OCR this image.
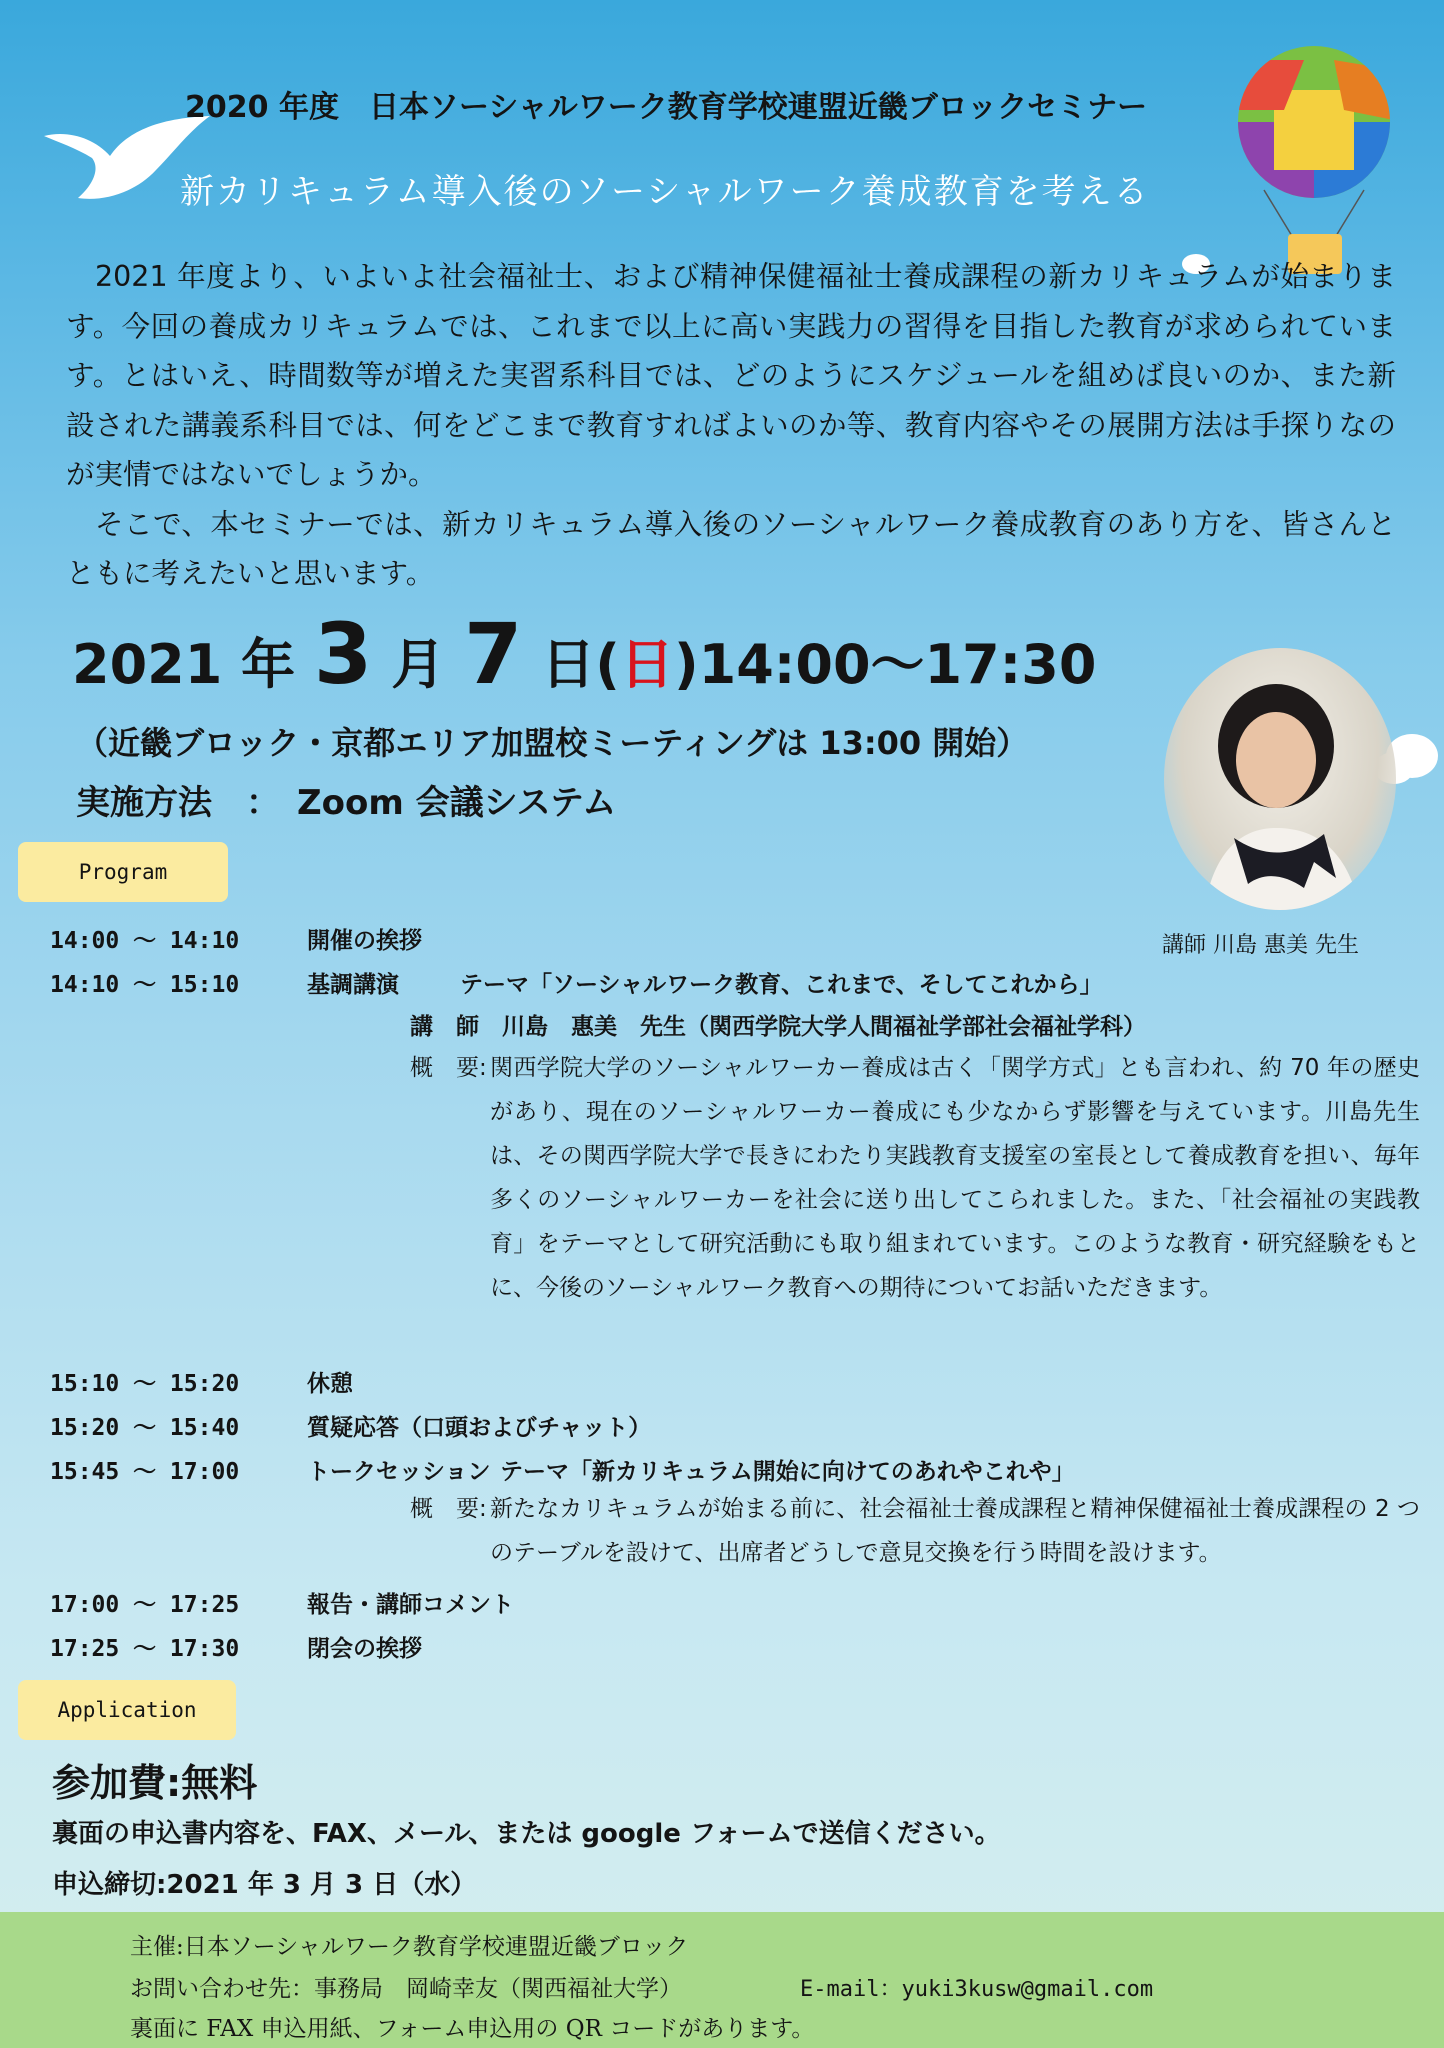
2020 年度　日本ソーシャルワーク教育学校連盟近畿ブロックセミナー
新カリキュラム導入後のソーシャルワーク養成教育を考える

　2021 年度より、いよいよ社会福祉士、および精神保健福祉士養成課程の新カリキュラムが始まります。今回の養成カリキュラムでは、これまで以上に高い実践力の習得を目指した教育が求められています。とはいえ、時間数等が増えた実習系科目では、どのようにスケジュールを組めば良いのか、また新設された講義系科目では、何をどこまで教育すればよいのか等、教育内容やその展開方法は手探りなのが実情ではないでしょうか。

　そこで、本セミナーでは、新カリキュラム導入後のソーシャルワーク養成教育のあり方を、皆さんとともに考えたいと思います。

2021 年 3 月 7 日(日)14:00～17:30
（近畿ブロック・京都エリア加盟校ミーティングは 13:00 開始）
実施方法　：　Zoom 会議システム
講師 川島 惠美 先生
Program
14:00 ～ 14:10	開催の挨拶
14:10 ～ 15:10	基調講演	テーマ「ソーシャルワーク教育、これまで、そしてこれから」
講　師　川島　惠美　先生（関西学院大学人間福祉学部社会福祉学科）
概　要: 関西学院大学のソーシャルワーカー養成は古く「関学方式」とも言われ、約 70 年の歴史があり、現在のソーシャルワーカー養成にも少なからず影響を与えています。川島先生は、その関西学院大学で長きにわたり実践教育支援室の室長として養成教育を担い、毎年多くのソーシャルワーカーを社会に送り出してこられました。また、「社会福祉の実践教育」をテーマとして研究活動にも取り組まれています。このような教育・研究経験をもとに、今後のソーシャルワーク教育への期待についてお話いただきます。
15:10 ～ 15:20	休憩
15:20 ～ 15:40	質疑応答（口頭およびチャット）
15:45 ～ 17:00	トークセッション テーマ「新カリキュラム開始に向けてのあれやこれや」
概　要: 新たなカリキュラムが始まる前に、社会福祉士養成課程と精神保健福祉士養成課程の 2 つのテーブルを設けて、出席者どうしで意見交換を行う時間を設けます。
17:00 ～ 17:25	報告・講師コメント
17:25 ～ 17:30	閉会の挨拶
Application
参加費:無料
裏面の申込書内容を、FAX、メール、または google フォームで送信ください。
申込締切:2021 年 3 月 3 日（水）
主催:日本ソーシャルワーク教育学校連盟近畿ブロック
お問い合わせ先：事務局　岡崎幸友（関西福祉大学）	E-mail：yuki3kusw@gmail.com
裏面に FAX 申込用紙、フォーム申込用の QR コードがあります。
